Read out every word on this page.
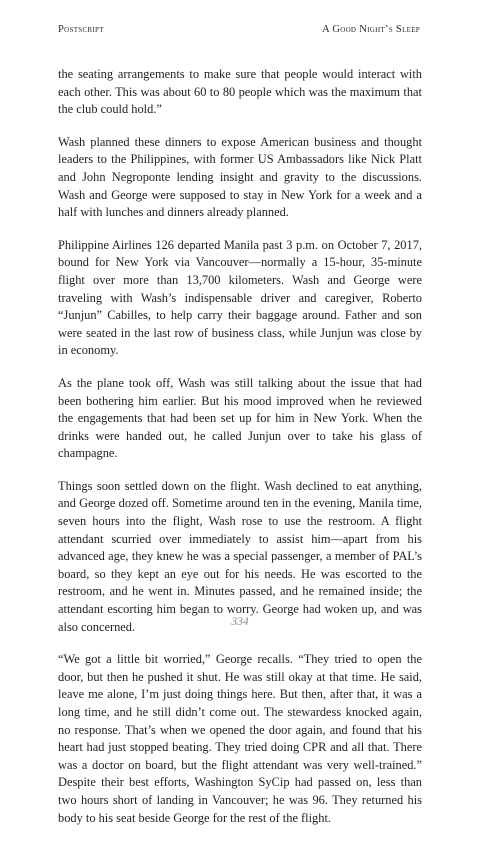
Postscript	A Good Night’s Sleep

the seating arrangements to make sure that people would interact with each other. This was about 60 to 80 people which was the maximum that the club could hold.”

Wash planned these dinners to expose American business and thought leaders to the Philippines, with former US Ambassadors like Nick Platt and John Negroponte lending insight and gravity to the discussions. Wash and George were supposed to stay in New York for a week and a half with lunches and dinners already planned.

Philippine Airlines 126 departed Manila past 3 p.m. on October 7, 2017, bound for New York via Vancouver—normally a 15-hour, 35-minute flight over more than 13,700 kilometers. Wash and George were traveling with Wash’s indispensable driver and caregiver, Roberto “Junjun” Cabilles, to help carry their baggage around. Father and son were seated in the last row of business class, while Junjun was close by in economy.

As the plane took off, Wash was still talking about the issue that had been bothering him earlier. But his mood improved when he reviewed the engagements that had been set up for him in New York. When the drinks were handed out, he called Junjun over to take his glass of champagne.

Things soon settled down on the flight. Wash declined to eat anything, and George dozed off. Sometime around ten in the evening, Manila time, seven hours into the flight, Wash rose to use the restroom. A flight attendant scurried over immediately to assist him—apart from his advanced age, they knew he was a special passenger, a member of PAL’s board, so they kept an eye out for his needs. He was escorted to the restroom, and he went in. Minutes passed, and he remained inside; the attendant escorting him began to worry. George had woken up, and was also concerned.

“We got a little bit worried,” George recalls. “They tried to open the door, but then he pushed it shut. He was still okay at that time. He said, leave me alone, I’m just doing things here. But then, after that, it was a long time, and he still didn’t come out. The stewardess knocked again, no response. That’s when we opened the door again, and found that his heart had just stopped beating. They tried doing CPR and all that. There was a doctor on board, but the flight attendant was very well-trained.” Despite their best efforts, Washington SyCip had passed on, less than two hours short of landing in Vancouver; he was 96. They returned his body to his seat beside George for the rest of the flight.

334
